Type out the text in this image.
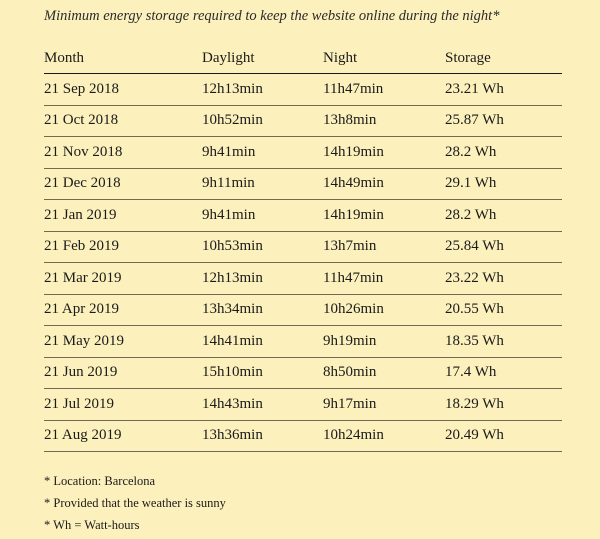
Minimum energy storage required to keep the website online during the night*
Month	Daylight	Night	Storage
21 Sep 2018	12h13min	11h47min	23.21 Wh
21 Oct 2018	10h52min	13h8min	25.87 Wh
21 Nov 2018	9h41min	14h19min	28.2 Wh
21 Dec 2018	9h11min	14h49min	29.1 Wh
21 Jan 2019	9h41min	14h19min	28.2 Wh
21 Feb 2019	10h53min	13h7min	25.84 Wh
21 Mar 2019	12h13min	11h47min	23.22 Wh
21 Apr 2019	13h34min	10h26min	20.55 Wh
21 May 2019	14h41min	9h19min	18.35 Wh
21 Jun 2019	15h10min	8h50min	17.4 Wh
21 Jul 2019	14h43min	9h17min	18.29 Wh
21 Aug 2019	13h36min	10h24min	20.49 Wh
* Location: Barcelona
* Provided that the weather is sunny
* Wh = Watt-hours
